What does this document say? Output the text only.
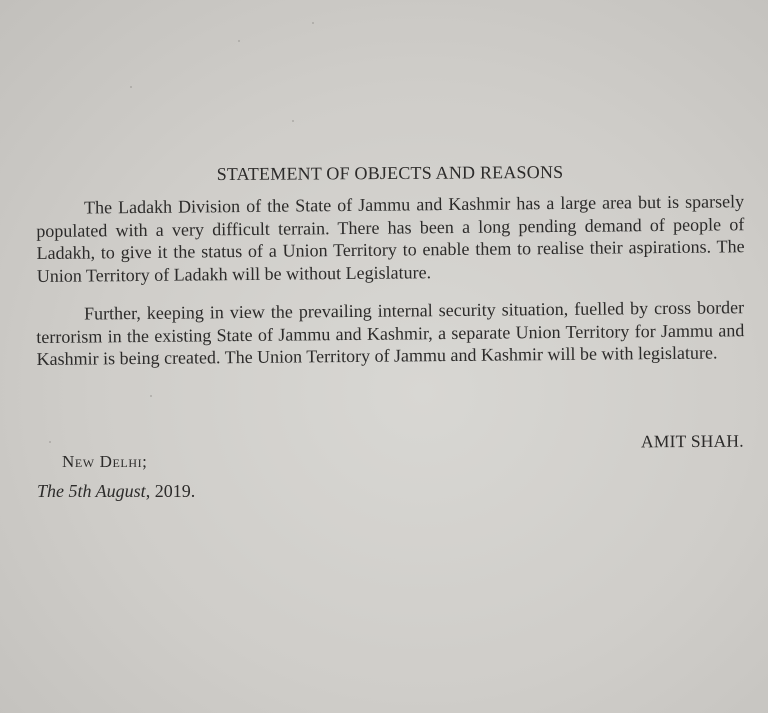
STATEMENT OF OBJECTS AND REASONS

The Ladakh Division of the State of Jammu and Kashmir has a large area but is sparsely populated with a very difficult terrain. There has been a long pending demand of people of Ladakh, to give it the status of a Union Territory to enable them to realise their aspirations. The Union Territory of Ladakh will be without Legislature.

Further, keeping in view the prevailing internal security situation, fuelled by cross border terrorism in the existing State of Jammu and Kashmir, a separate Union Territory for Jammu and Kashmir is being created. The Union Territory of Jammu and Kashmir will be with legislature.

AMIT SHAH.
New Delhi;
The 5th August, 2019.
